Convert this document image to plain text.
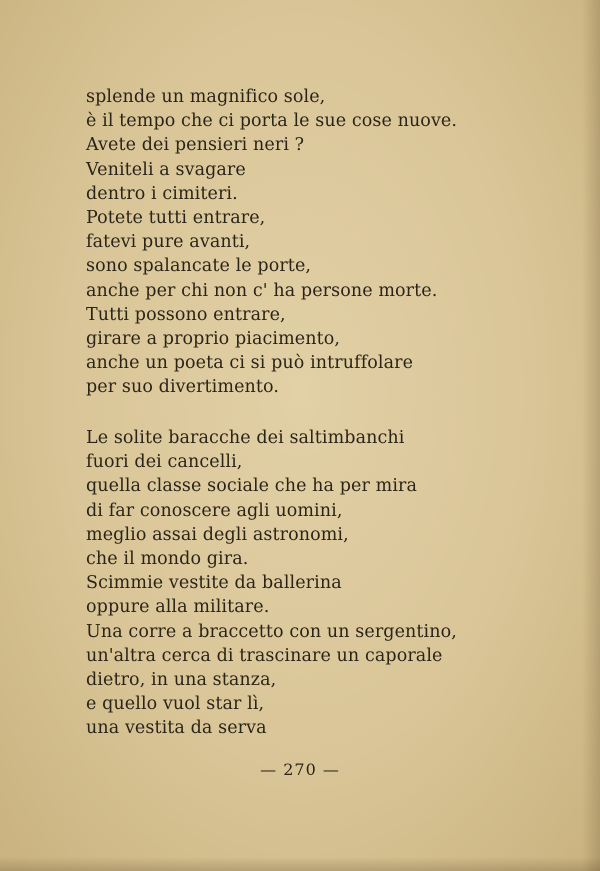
splende un magnifico sole,
è il tempo che ci porta le sue cose nuove.
Avete dei pensieri neri ?
Veniteli a svagare
dentro i cimiteri.
Potete tutti entrare,
fatevi pure avanti,
sono spalancate le porte,
anche per chi non c' ha persone morte.
Tutti possono entrare,
girare a proprio piacimento,
anche un poeta ci si può intruffolare
per suo divertimento.
Le solite baracche dei saltimbanchi
fuori dei cancelli,
quella classe sociale che ha per mira
di far conoscere agli uomini,
meglio assai degli astronomi,
che il mondo gira.
Scimmie vestite da ballerina
oppure alla militare.
Una corre a braccetto con un sergentino,
un'altra cerca di trascinare un caporale
dietro, in una stanza,
e quello vuol star lì,
una vestita da serva
— 270 —
